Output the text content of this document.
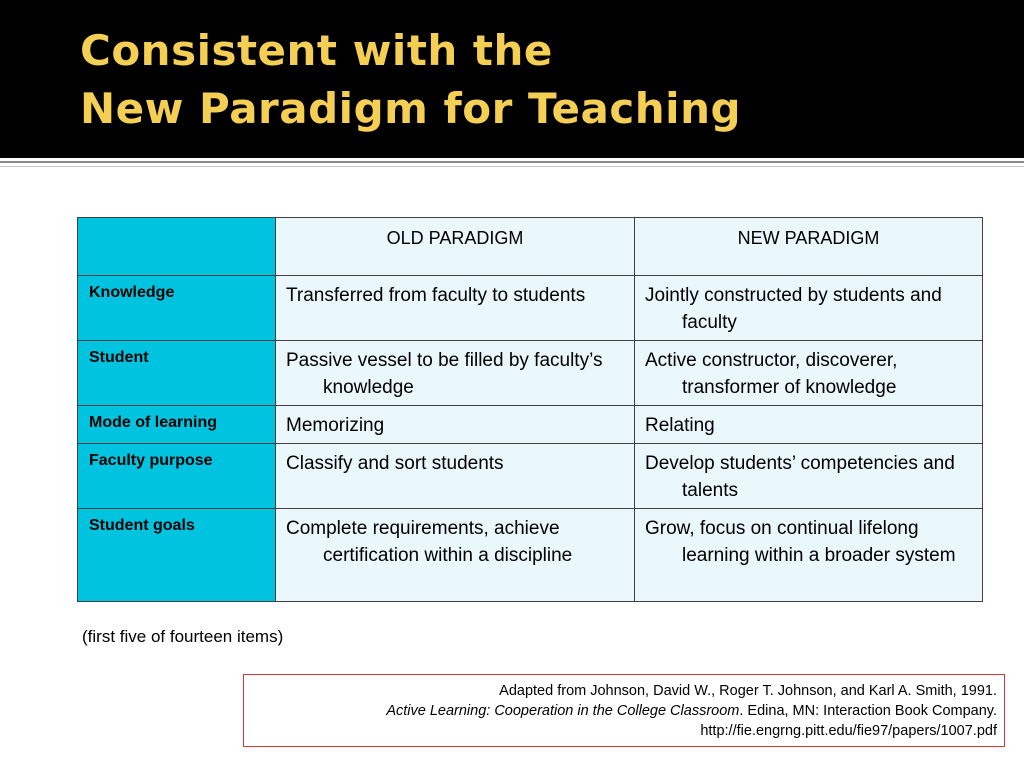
Consistent with the
New Paradigm for Teaching
	OLD PARADIGM	NEW PARADIGM
Knowledge	Transferred from faculty to students	Jointly constructed by students and faculty

Student	Passive vessel to be filled by faculty’s knowledge	Active constructor, discoverer, transformer of knowledge

Mode of learning	Memorizing	Relating

Faculty purpose	Classify and sort students	Develop students’ competencies and talents

Student goals	Complete requirements, achieve certification within a discipline	Grow, focus on continual lifelong learning within a broader system
(first five of fourteen items)
Adapted from Johnson, David W., Roger T. Johnson, and Karl A. Smith, 1991.
Active Learning: Cooperation in the College Classroom. Edina, MN: Interaction Book Company.
http://fie.engrng.pitt.edu/fie97/papers/1007.pdf
